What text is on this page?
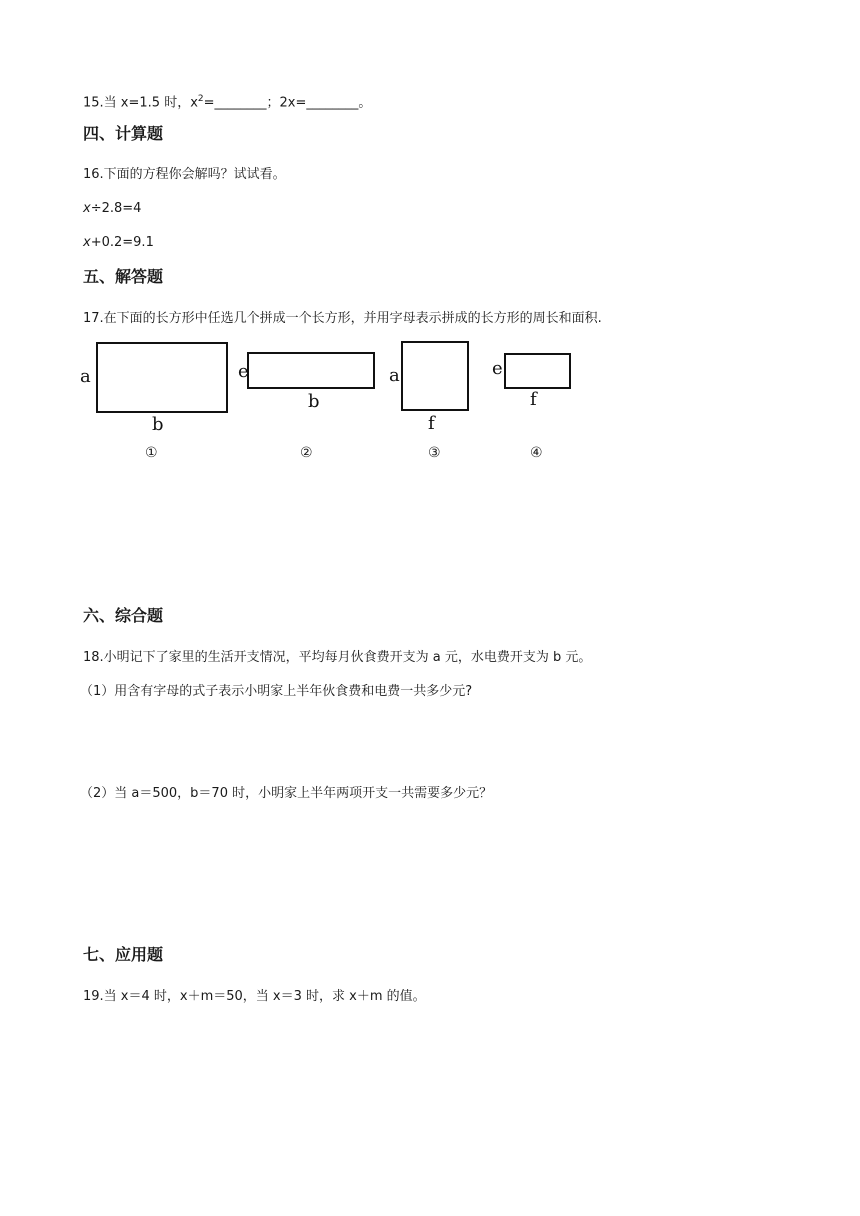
15.当 x=1.5 时，$x^2=\_\_\_\_\_\_\_\_$；2x=________。
四、计算题
16.下面的方程你会解吗？试试看。
x÷2.8=4
x+0.2=9.1
五、解答题
17.在下面的长方形中任选几个拼成一个长方形，并用字母表示拼成的长方形的周长和面积.
a
b
①
e
b
②
a
f
③
e
f
④
六、综合题
18.小明记下了家里的生活开支情况，平均每月伙食费开支为 a 元，水电费开支为 b 元。
（1）用含有字母的式子表示小明家上半年伙食费和电费一共多少元?
（2）当 a＝500，b＝70 时，小明家上半年两项开支一共需要多少元？
七、应用题
19.当 x＝4 时，x＋m＝50，当 x＝3 时，求 x＋m 的值。
